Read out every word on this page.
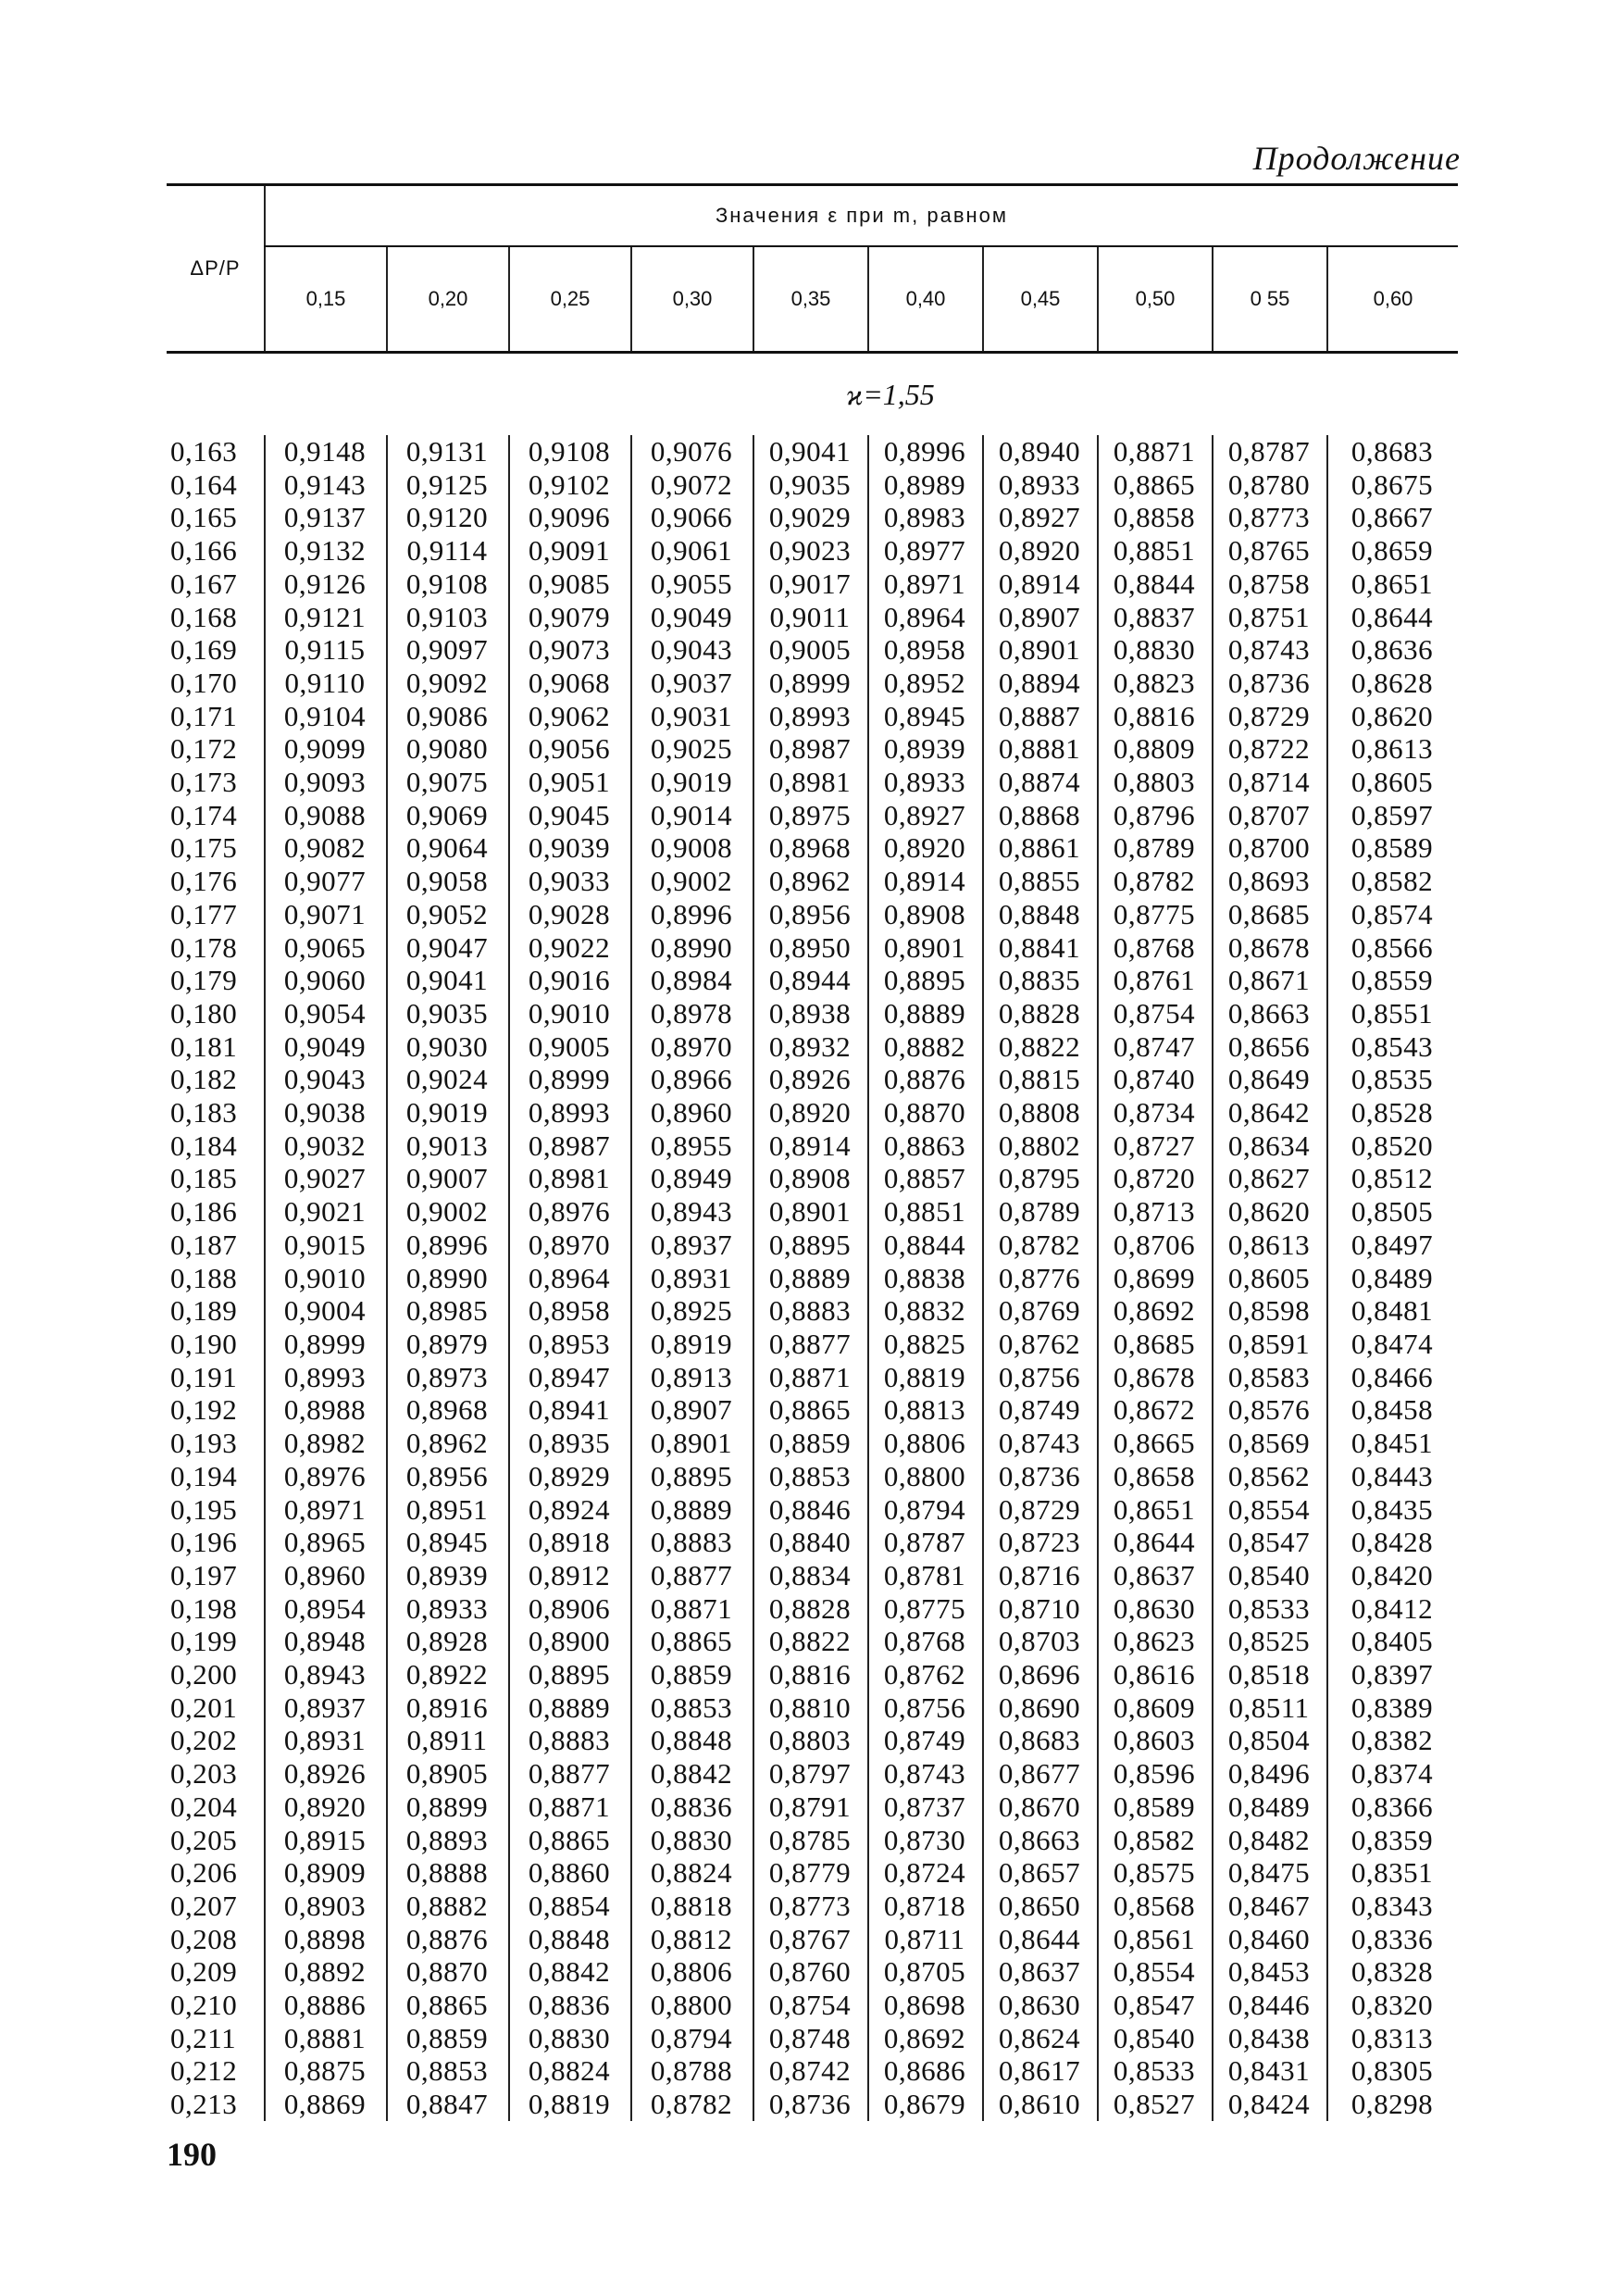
Продолжение
ΔP/P	Значения ε при m, равном									
	0,15	0,20	0,25	0,30	0,35	0,40	0,45	0,50	0 55	0,60
ϰ=1,55										
0,163	0,9148	0,9131	0,9108	0,9076	0,9041	0,8996	0,8940	0,8871	0,8787	0,8683
0,164	0,9143	0,9125	0,9102	0,9072	0,9035	0,8989	0,8933	0,8865	0,8780	0,8675
0,165	0,9137	0,9120	0,9096	0,9066	0,9029	0,8983	0,8927	0,8858	0,8773	0,8667
0,166	0,9132	0,9114	0,9091	0,9061	0,9023	0,8977	0,8920	0,8851	0,8765	0,8659
0,167	0,9126	0,9108	0,9085	0,9055	0,9017	0,8971	0,8914	0,8844	0,8758	0,8651
0,168	0,9121	0,9103	0,9079	0,9049	0,9011	0,8964	0,8907	0,8837	0,8751	0,8644
0,169	0,9115	0,9097	0,9073	0,9043	0,9005	0,8958	0,8901	0,8830	0,8743	0,8636
0,170	0,9110	0,9092	0,9068	0,9037	0,8999	0,8952	0,8894	0,8823	0,8736	0,8628
0,171	0,9104	0,9086	0,9062	0,9031	0,8993	0,8945	0,8887	0,8816	0,8729	0,8620
0,172	0,9099	0,9080	0,9056	0,9025	0,8987	0,8939	0,8881	0,8809	0,8722	0,8613
0,173	0,9093	0,9075	0,9051	0,9019	0,8981	0,8933	0,8874	0,8803	0,8714	0,8605
0,174	0,9088	0,9069	0,9045	0,9014	0,8975	0,8927	0,8868	0,8796	0,8707	0,8597
0,175	0,9082	0,9064	0,9039	0,9008	0,8968	0,8920	0,8861	0,8789	0,8700	0,8589
0,176	0,9077	0,9058	0,9033	0,9002	0,8962	0,8914	0,8855	0,8782	0,8693	0,8582
0,177	0,9071	0,9052	0,9028	0,8996	0,8956	0,8908	0,8848	0,8775	0,8685	0,8574
0,178	0,9065	0,9047	0,9022	0,8990	0,8950	0,8901	0,8841	0,8768	0,8678	0,8566
0,179	0,9060	0,9041	0,9016	0,8984	0,8944	0,8895	0,8835	0,8761	0,8671	0,8559
0,180	0,9054	0,9035	0,9010	0,8978	0,8938	0,8889	0,8828	0,8754	0,8663	0,8551
0,181	0,9049	0,9030	0,9005	0,8970	0,8932	0,8882	0,8822	0,8747	0,8656	0,8543
0,182	0,9043	0,9024	0,8999	0,8966	0,8926	0,8876	0,8815	0,8740	0,8649	0,8535
0,183	0,9038	0,9019	0,8993	0,8960	0,8920	0,8870	0,8808	0,8734	0,8642	0,8528
0,184	0,9032	0,9013	0,8987	0,8955	0,8914	0,8863	0,8802	0,8727	0,8634	0,8520
0,185	0,9027	0,9007	0,8981	0,8949	0,8908	0,8857	0,8795	0,8720	0,8627	0,8512
0,186	0,9021	0,9002	0,8976	0,8943	0,8901	0,8851	0,8789	0,8713	0,8620	0,8505
0,187	0,9015	0,8996	0,8970	0,8937	0,8895	0,8844	0,8782	0,8706	0,8613	0,8497
0,188	0,9010	0,8990	0,8964	0,8931	0,8889	0,8838	0,8776	0,8699	0,8605	0,8489
0,189	0,9004	0,8985	0,8958	0,8925	0,8883	0,8832	0,8769	0,8692	0,8598	0,8481
0,190	0,8999	0,8979	0,8953	0,8919	0,8877	0,8825	0,8762	0,8685	0,8591	0,8474
0,191	0,8993	0,8973	0,8947	0,8913	0,8871	0,8819	0,8756	0,8678	0,8583	0,8466
0,192	0,8988	0,8968	0,8941	0,8907	0,8865	0,8813	0,8749	0,8672	0,8576	0,8458
0,193	0,8982	0,8962	0,8935	0,8901	0,8859	0,8806	0,8743	0,8665	0,8569	0,8451
0,194	0,8976	0,8956	0,8929	0,8895	0,8853	0,8800	0,8736	0,8658	0,8562	0,8443
0,195	0,8971	0,8951	0,8924	0,8889	0,8846	0,8794	0,8729	0,8651	0,8554	0,8435
0,196	0,8965	0,8945	0,8918	0,8883	0,8840	0,8787	0,8723	0,8644	0,8547	0,8428
0,197	0,8960	0,8939	0,8912	0,8877	0,8834	0,8781	0,8716	0,8637	0,8540	0,8420
0,198	0,8954	0,8933	0,8906	0,8871	0,8828	0,8775	0,8710	0,8630	0,8533	0,8412
0,199	0,8948	0,8928	0,8900	0,8865	0,8822	0,8768	0,8703	0,8623	0,8525	0,8405
0,200	0,8943	0,8922	0,8895	0,8859	0,8816	0,8762	0,8696	0,8616	0,8518	0,8397
0,201	0,8937	0,8916	0,8889	0,8853	0,8810	0,8756	0,8690	0,8609	0,8511	0,8389
0,202	0,8931	0,8911	0,8883	0,8848	0,8803	0,8749	0,8683	0,8603	0,8504	0,8382
0,203	0,8926	0,8905	0,8877	0,8842	0,8797	0,8743	0,8677	0,8596	0,8496	0,8374
0,204	0,8920	0,8899	0,8871	0,8836	0,8791	0,8737	0,8670	0,8589	0,8489	0,8366
0,205	0,8915	0,8893	0,8865	0,8830	0,8785	0,8730	0,8663	0,8582	0,8482	0,8359
0,206	0,8909	0,8888	0,8860	0,8824	0,8779	0,8724	0,8657	0,8575	0,8475	0,8351
0,207	0,8903	0,8882	0,8854	0,8818	0,8773	0,8718	0,8650	0,8568	0,8467	0,8343
0,208	0,8898	0,8876	0,8848	0,8812	0,8767	0,8711	0,8644	0,8561	0,8460	0,8336
0,209	0,8892	0,8870	0,8842	0,8806	0,8760	0,8705	0,8637	0,8554	0,8453	0,8328
0,210	0,8886	0,8865	0,8836	0,8800	0,8754	0,8698	0,8630	0,8547	0,8446	0,8320
0,211	0,8881	0,8859	0,8830	0,8794	0,8748	0,8692	0,8624	0,8540	0,8438	0,8313
0,212	0,8875	0,8853	0,8824	0,8788	0,8742	0,8686	0,8617	0,8533	0,8431	0,8305
0,213	0,8869	0,8847	0,8819	0,8782	0,8736	0,8679	0,8610	0,8527	0,8424	0,8298
190
